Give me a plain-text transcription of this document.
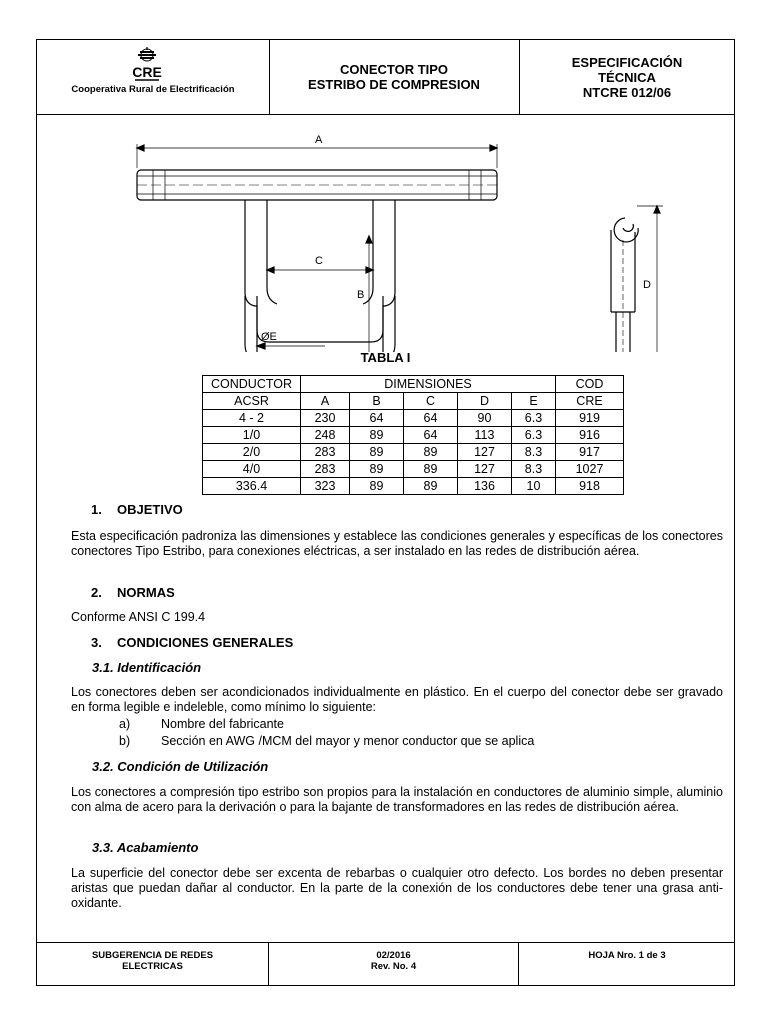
CRE
Cooperativa Rural de Electrificación
CONECTOR TIPO
ESTRIBO DE COMPRESION
ESPECIFICACIÓN
TÉCNICA
NTCRE 012/06
A
C
B
ØE
D
TABLA I
CONDUCTOR	DIMENSIONES					COD
ACSR	A	B	C	D	E	CRE
4 - 2	230	64	64	90	6.3	919
1/0	248	89	64	113	6.3	916
2/0	283	89	89	127	8.3	917
4/0	283	89	89	127	8.3	1027
336.4	323	89	89	136	10	918
1. OBJETIVO
Esta especificación padroniza las dimensiones y establece las condiciones generales y específicas de los conectores conectores Tipo Estribo, para conexiones eléctricas, a ser instalado en las redes de distribución aérea.
2. NORMAS
Conforme ANSI C 199.4
3. CONDICIONES GENERALES
3.1. Identificación
Los conectores deben ser acondicionados individualmente en plástico. En el cuerpo del conector debe ser gravado en forma legible e indeleble, como mínimo lo siguiente:
a) Nombre del fabricante
b) Sección en AWG /MCM del mayor y menor conductor que se aplica
3.2. Condición de Utilización
Los conectores a compresión tipo estribo son propios para la instalación en conductores de aluminio simple, aluminio con alma de acero para la derivación o para la bajante de transformadores en las redes de distribución aérea.
3.3. Acabamiento
La superficie del conector debe ser excenta de rebarbas o cualquier otro defecto. Los bordes no deben presentar aristas que puedan dañar al conductor. En la parte de la conexión de los conductores debe tener una grasa anti-oxidante.
SUBGERENCIA DE REDES
ELECTRICAS
02/2016
Rev. No. 4
HOJA Nro. 1 de 3
